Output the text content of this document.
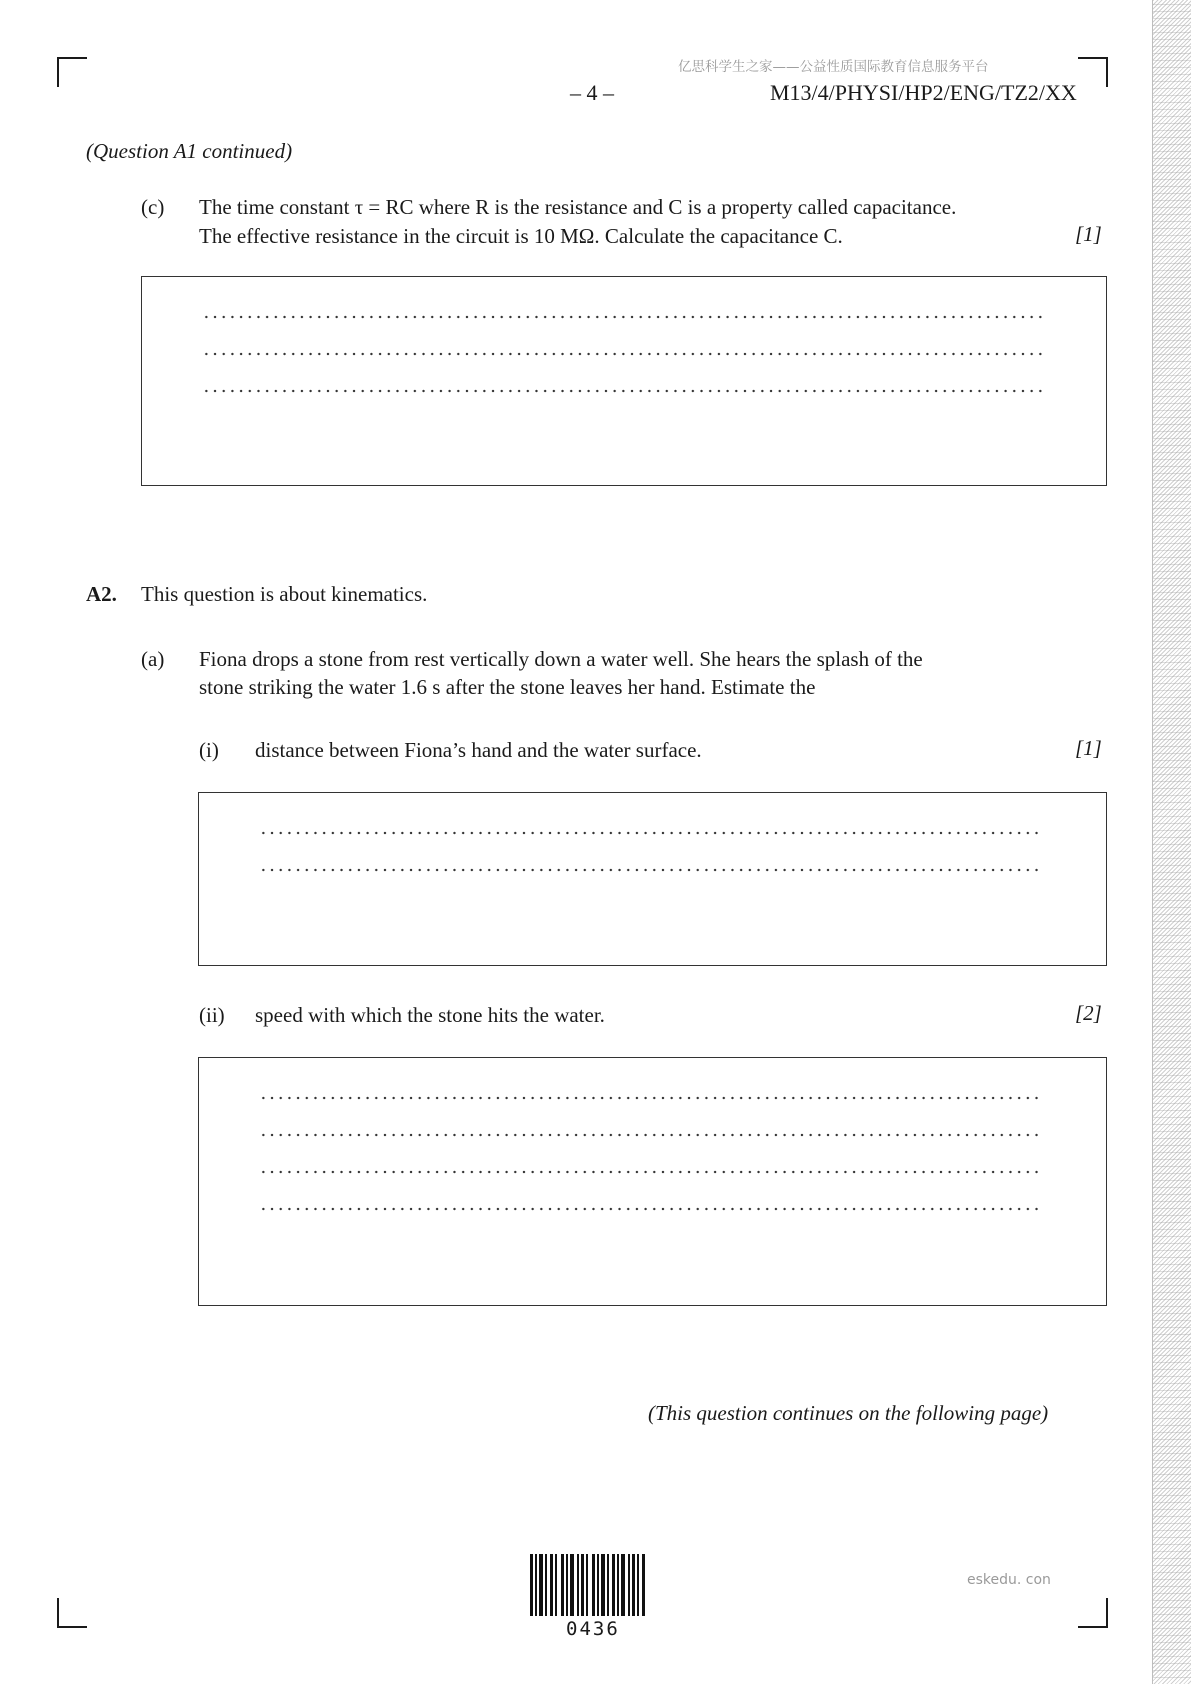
亿思科学生之家——公益性质国际教育信息服务平台
– 4 –	M13/4/PHYSI/HP2/ENG/TZ2/XX
(Question A1 continued)
(c) The time constant τ = RC where R is the resistance and C is a property called capacitance.
The effective resistance in the circuit is 10 MΩ. Calculate the capacitance C.	[1]
A2. This question is about kinematics.
(a) Fiona drops a stone from rest vertically down a water well. She hears the splash of the
stone striking the water 1.6 s after the stone leaves her hand. Estimate the
(i) distance between Fiona’s hand and the water surface.	[1]
(ii) speed with which the stone hits the water.	[2]
(This question continues on the following page)
0436
eskedu. con
